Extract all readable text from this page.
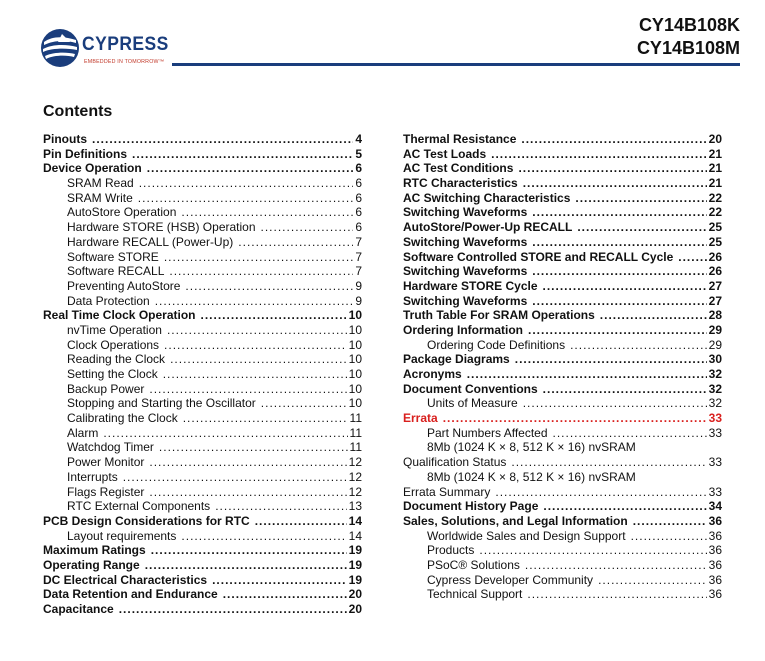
CYPRESS
EMBEDDED IN TOMORROW™
CY14B108K
CY14B108M
Contents
Pinouts .....	4
Pin Definitions .....	5
Device Operation .....	6
SRAM Read .....	6
SRAM Write .....	6
AutoStore Operation .....	6
Hardware STORE (HSB) Operation .....	6
Hardware RECALL (Power-Up) .....	7
Software STORE .....	7
Software RECALL .....	7
Preventing AutoStore .....	9
Data Protection .....	9
Real Time Clock Operation .....	10
nvTime Operation .....	10
Clock Operations .....	10
Reading the Clock .....	10
Setting the Clock .....	10
Backup Power .....	10
Stopping and Starting the Oscillator .....	10
Calibrating the Clock .....	11
Alarm .....	11
Watchdog Timer .....	11
Power Monitor .....	12
Interrupts .....	12
Flags Register .....	12
RTC External Components .....	13
PCB Design Considerations for RTC .....	14
Layout requirements .....	14
Maximum Ratings .....	19
Operating Range .....	19
DC Electrical Characteristics .....	19
Data Retention and Endurance .....	20
Capacitance .....	20
Thermal Resistance .....	20
AC Test Loads .....	21
AC Test Conditions .....	21
RTC Characteristics .....	21
AC Switching Characteristics .....	22
Switching Waveforms .....	22
AutoStore/Power-Up RECALL .....	25
Switching Waveforms .....	25
Software Controlled STORE and RECALL Cycle .....	26
Switching Waveforms .....	26
Hardware STORE Cycle .....	27
Switching Waveforms .....	27
Truth Table For SRAM Operations .....	28
Ordering Information .....	29
Ordering Code Definitions .....	29
Package Diagrams .....	30
Acronyms .....	32
Document Conventions .....	32
Units of Measure .....	32
Errata .....	33
Part Numbers Affected .....	33
8Mb (1024 K × 8, 512 K × 16) nvSRAM
Qualification Status .....	33
8Mb (1024 K × 8, 512 K × 16) nvSRAM
Errata Summary .....	33
Document History Page .....	34
Sales, Solutions, and Legal Information .....	36
Worldwide Sales and Design Support .....	36
Products .....	36
PSoC® Solutions .....	36
Cypress Developer Community .....	36
Technical Support .....	36
